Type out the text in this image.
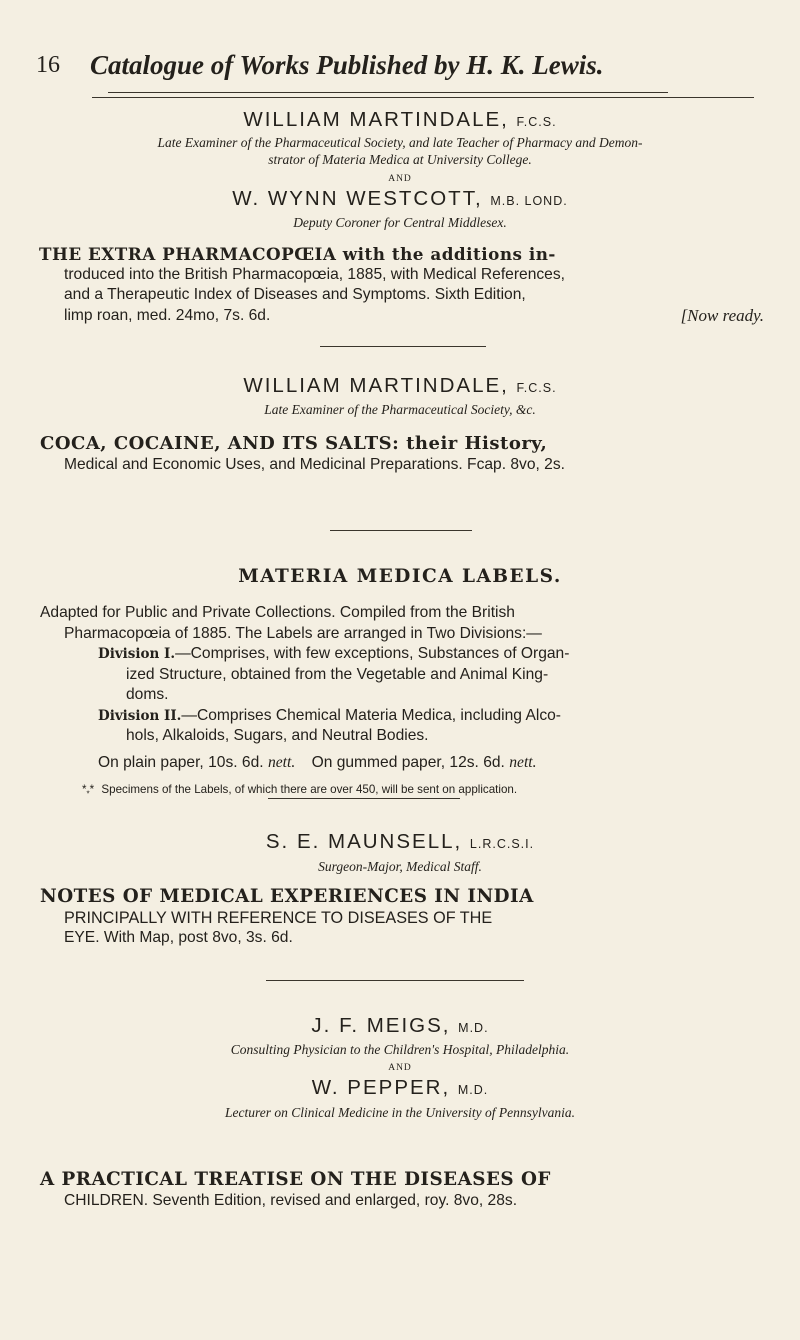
16 Catalogue of Works Published by H. K. Lewis.
WILLIAM MARTINDALE, F.C.S.
Late Examiner of the Pharmaceutical Society, and late Teacher of Pharmacy and Demon-
strator of Materia Medica at University College.
AND
W. WYNN WESTCOTT, M.B. LOND.
Deputy Coroner for Central Middlesex.
THE EXTRA PHARMACOPŒIA with the additions in-
troduced into the British Pharmacopœia, 1885, with Medical References,
and a Therapeutic Index of Diseases and Symptoms. Sixth Edition,
limp roan, med. 24mo, 7s. 6d.	[Now ready.
WILLIAM MARTINDALE, F.C.S.
Late Examiner of the Pharmaceutical Society, &c.
COCA, COCAINE, AND ITS SALTS: their History,
Medical and Economic Uses, and Medicinal Preparations. Fcap. 8vo, 2s.
MATERIA MEDICA LABELS.
Adapted for Public and Private Collections. Compiled from the British
Pharmacopœia of 1885. The Labels are arranged in Two Divisions:—
Division I.—Comprises, with few exceptions, Substances of Organ-
ized Structure, obtained from the Vegetable and Animal King-
doms.
Division II.—Comprises Chemical Materia Medica, including Alco-
hols, Alkaloids, Sugars, and Neutral Bodies.
On plain paper, 10s. 6d. nett. On gummed paper, 12s. 6d. nett.
$*_**$ Specimens of the Labels, of which there are over 450, will be sent on application.
S. E. MAUNSELL, L.R.C.S.I.
Surgeon-Major, Medical Staff.
NOTES OF MEDICAL EXPERIENCES IN INDIA
PRINCIPALLY WITH REFERENCE TO DISEASES OF THE
EYE. With Map, post 8vo, 3s. 6d.
J. F. MEIGS, M.D.
Consulting Physician to the Children's Hospital, Philadelphia.
AND
W. PEPPER, M.D.
Lecturer on Clinical Medicine in the University of Pennsylvania.
A PRACTICAL TREATISE ON THE DISEASES OF
CHILDREN. Seventh Edition, revised and enlarged, roy. 8vo, 28s.
